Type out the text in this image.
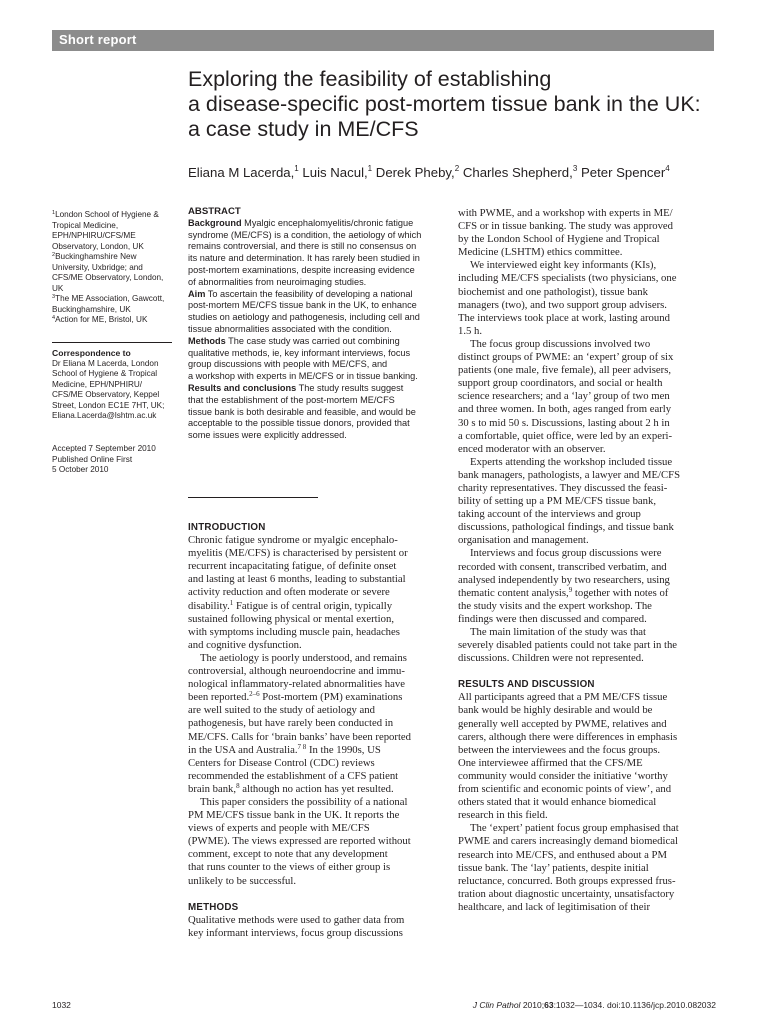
Short report
Exploring the feasibility of establishing
a disease-specific post-mortem tissue bank in the UK:
a case study in ME/CFS
Eliana M Lacerda,$^1$ Luis Nacul,$^1$ Derek Pheby,$^2$ Charles Shepherd,$^3$ Peter Spencer$^4$
$^1$London School of Hygiene &
Tropical Medicine,
EPH/NPHIRU/CFS/ME
Observatory, London, UK
$^2$Buckinghamshire New
University, Uxbridge; and
CFS/ME Observatory, London,
UK
$^3$The ME Association, Gawcott,
Buckinghamshire, UK
$^4$Action for ME, Bristol, UK
Correspondence to
Dr Eliana M Lacerda, London
School of Hygiene & Tropical
Medicine, EPH/NPHIRU/
CFS/ME Observatory, Keppel
Street, London EC1E 7HT, UK;
Eliana.Lacerda@lshtm.ac.uk
Accepted 7 September 2010
Published Online First
5 October 2010
ABSTRACT
Background Myalgic encephalomyelitis/chronic fatigue
syndrome (ME/CFS) is a condition, the aetiology of which
remains controversial, and there is still no consensus on
its nature and determination. It has rarely been studied in
post-mortem examinations, despite increasing evidence
of abnormalities from neuroimaging studies.
Aim To ascertain the feasibility of developing a national
post-mortem ME/CFS tissue bank in the UK, to enhance
studies on aetiology and pathogenesis, including cell and
tissue abnormalities associated with the condition.
Methods The case study was carried out combining
qualitative methods, ie, key informant interviews, focus
group discussions with people with ME/CFS, and
a workshop with experts in ME/CFS or in tissue banking.
Results and conclusions The study results suggest
that the establishment of the post-mortem ME/CFS
tissue bank is both desirable and feasible, and would be
acceptable to the possible tissue donors, provided that
some issues were explicitly addressed.
INTRODUCTION
Chronic fatigue syndrome or myalgic encephalo-
myelitis (ME/CFS) is characterised by persistent or
recurrent incapacitating fatigue, of definite onset
and lasting at least 6 months, leading to substantial
activity reduction and often moderate or severe
disability.$^1$ Fatigue is of central origin, typically
sustained following physical or mental exertion,
with symptoms including muscle pain, headaches
and cognitive dysfunction.
The aetiology is poorly understood, and remains
controversial, although neuroendocrine and immu-
nological inflammatory-related abnormalities have
been reported.$^{2-6}$ Post-mortem (PM) examinations
are well suited to the study of aetiology and
pathogenesis, but have rarely been conducted in
ME/CFS. Calls for ‘brain banks’ have been reported
in the USA and Australia.$^{7 8}$ In the 1990s, US
Centers for Disease Control (CDC) reviews
recommended the establishment of a CFS patient
brain bank,$^8$ although no action has yet resulted.
This paper considers the possibility of a national
PM ME/CFS tissue bank in the UK. It reports the
views of experts and people with ME/CFS
(PWME). The views expressed are reported without
comment, except to note that any development
that runs counter to the views of either group is
unlikely to be successful.
METHODS
Qualitative methods were used to gather data from
key informant interviews, focus group discussions
with PWME, and a workshop with experts in ME/
CFS or in tissue banking. The study was approved
by the London School of Hygiene and Tropical
Medicine (LSHTM) ethics committee.
We interviewed eight key informants (KIs),
including ME/CFS specialists (two physicians, one
biochemist and one pathologist), tissue bank
managers (two), and two support group advisers.
The interviews took place at work, lasting around
1.5 h.
The focus group discussions involved two
distinct groups of PWME: an ‘expert’ group of six
patients (one male, five female), all peer advisers,
support group coordinators, and social or health
science researchers; and a ‘lay’ group of two men
and three women. In both, ages ranged from early
30 s to mid 50 s. Discussions, lasting about 2 h in
a comfortable, quiet office, were led by an experi-
enced moderator with an observer.
Experts attending the workshop included tissue
bank managers, pathologists, a lawyer and ME/CFS
charity representatives. They discussed the feasi-
bility of setting up a PM ME/CFS tissue bank,
taking account of the interviews and group
discussions, pathological findings, and tissue bank
organisation and management.
Interviews and focus group discussions were
recorded with consent, transcribed verbatim, and
analysed independently by two researchers, using
thematic content analysis,$^9$ together with notes of
the study visits and the expert workshop. The
findings were then discussed and compared.
The main limitation of the study was that
severely disabled patients could not take part in the
discussions. Children were not represented.
RESULTS AND DISCUSSION
All participants agreed that a PM ME/CFS tissue
bank would be highly desirable and would be
generally well accepted by PWME, relatives and
carers, although there were differences in emphasis
between the interviewees and the focus groups.
One interviewee affirmed that the CFS/ME
community would consider the initiative ‘worthy
from scientific and economic points of view’, and
others stated that it would enhance biomedical
research in this field.
The ‘expert’ patient focus group emphasised that
PWME and carers increasingly demand biomedical
research into ME/CFS, and enthused about a PM
tissue bank. The ‘lay’ patients, despite initial
reluctance, concurred. Both groups expressed frus-
tration about diagnostic uncertainty, unsatisfactory
healthcare, and lack of legitimisation of their
1032	J Clin Pathol 2010;63:1032—1034. doi:10.1136/jcp.2010.082032
